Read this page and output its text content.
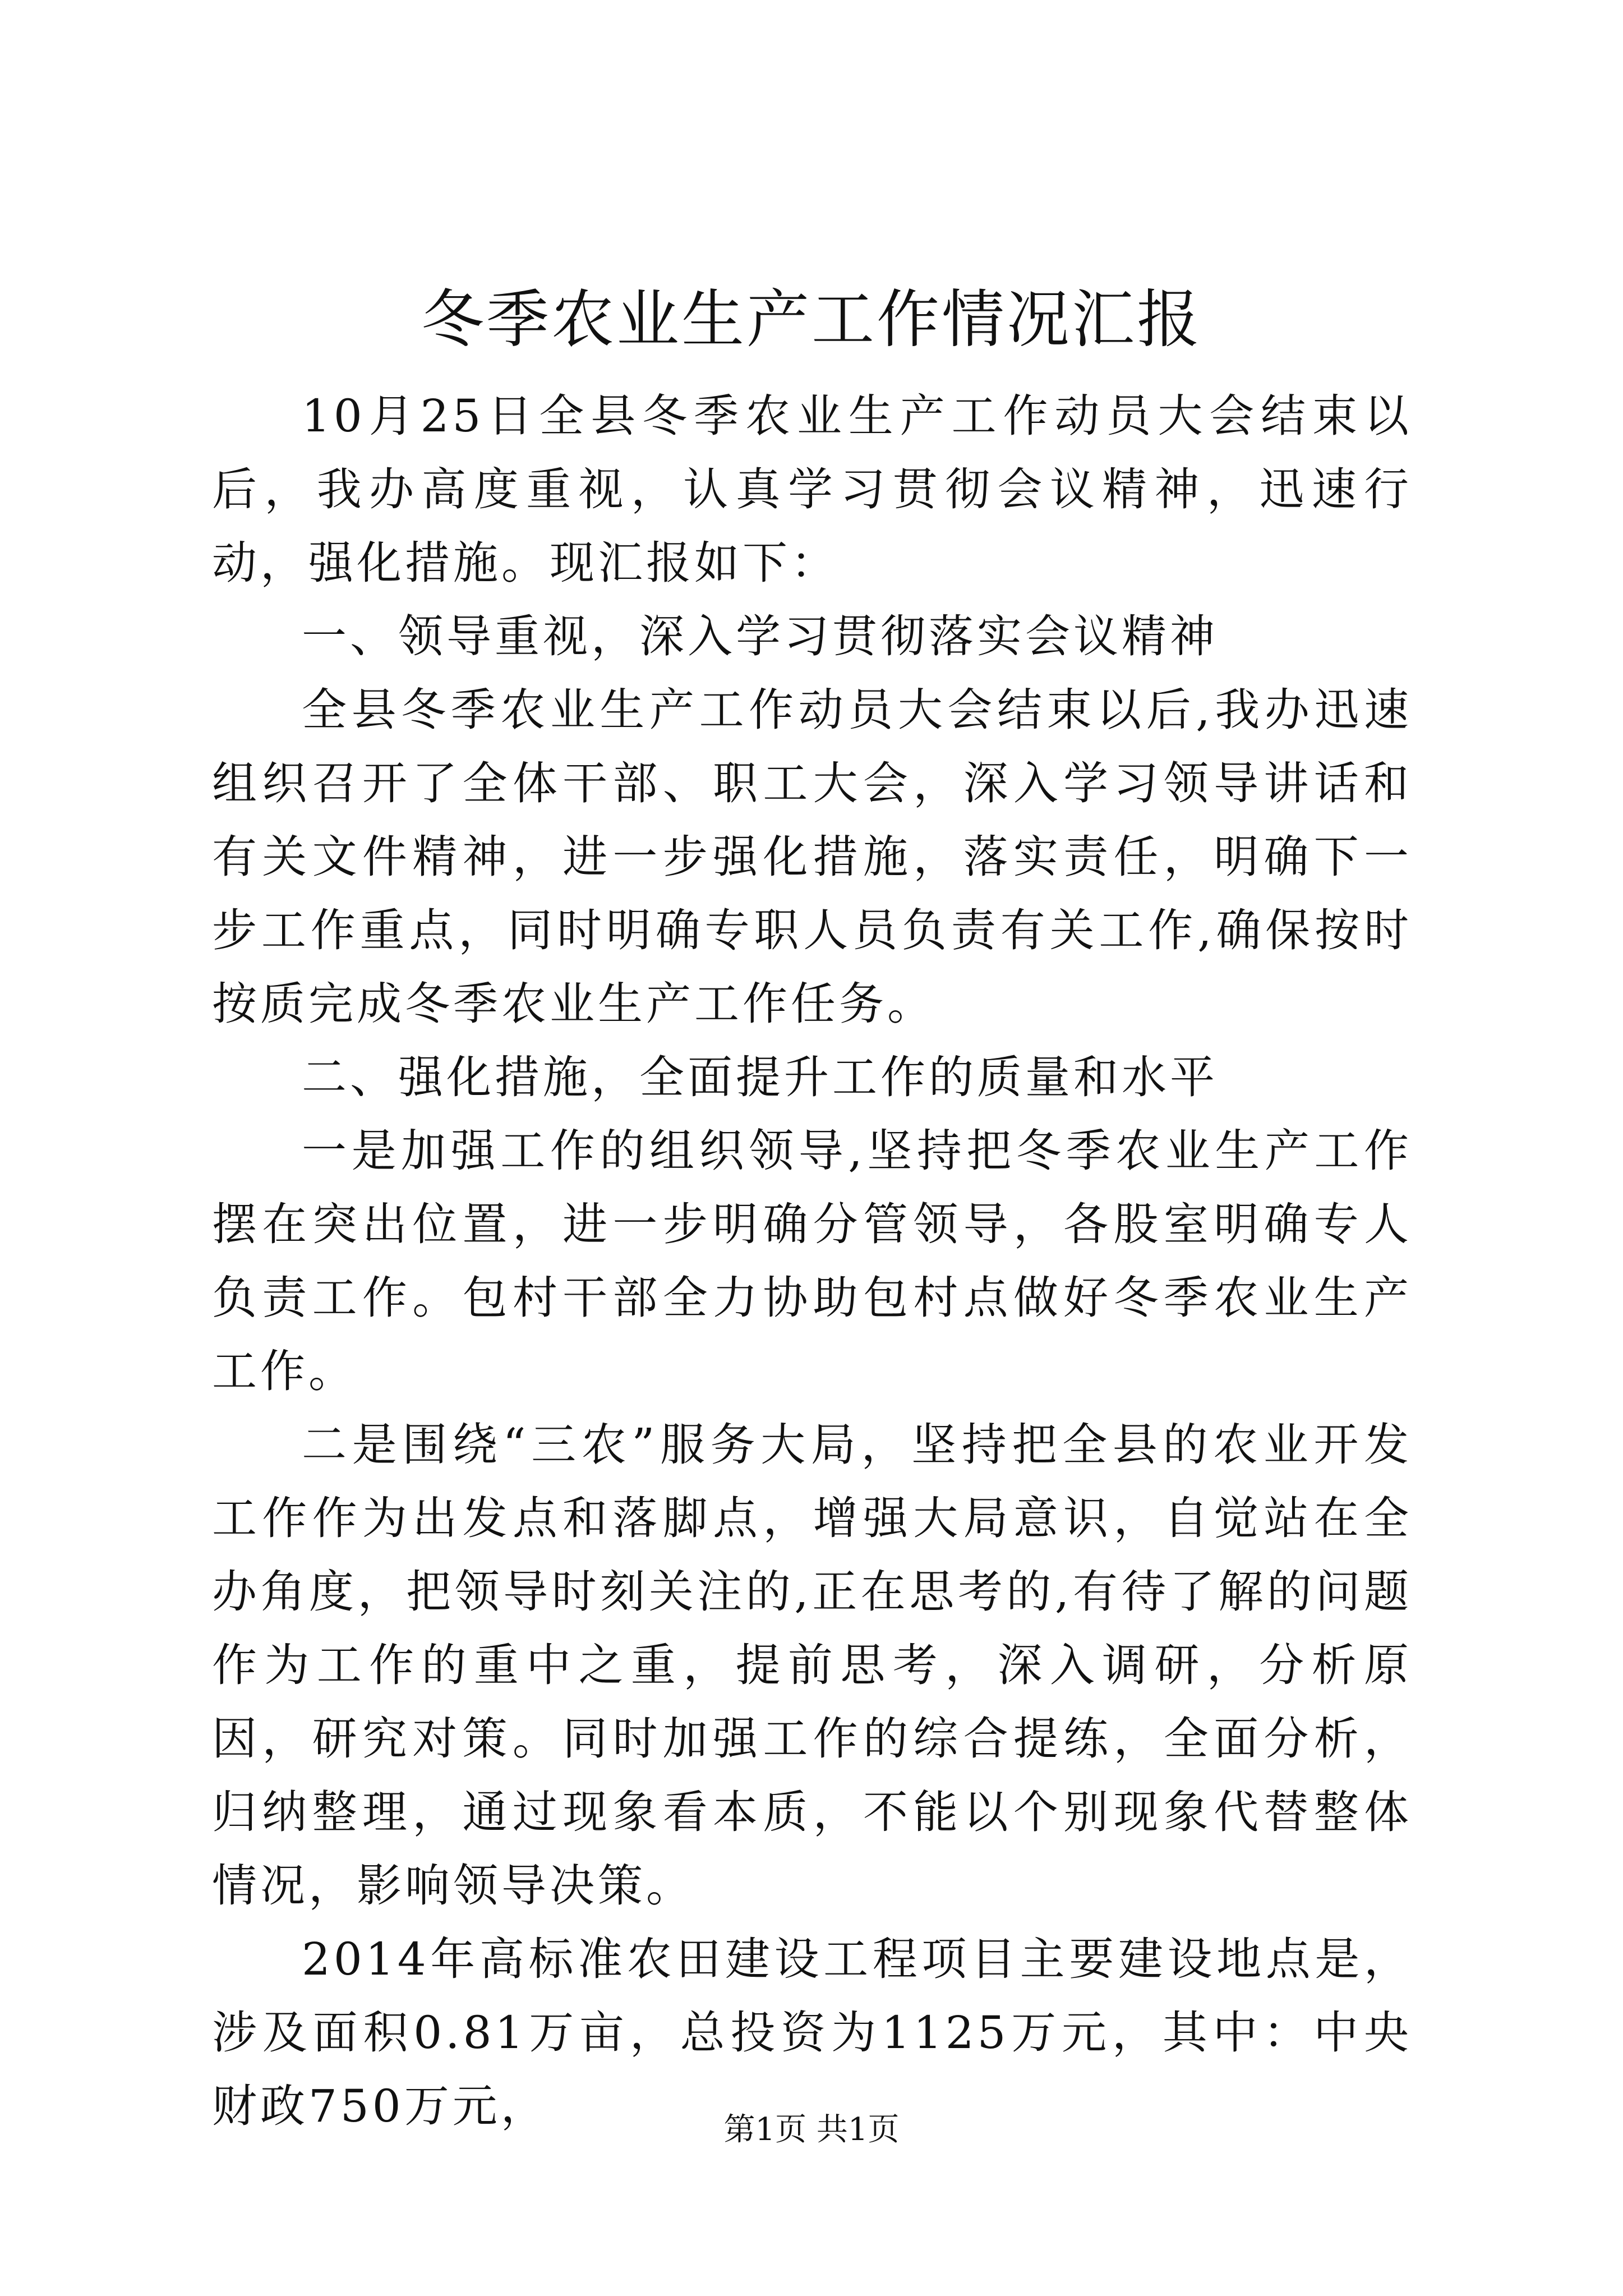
冬季农业生产工作情况汇报

10月25日全县冬季农业生产工作动员大会结束以后，我办高度重视，认真学习贯彻会议精神，迅速行动，强化措施。现汇报如下：

一、领导重视，深入学习贯彻落实会议精神

全县冬季农业生产工作动员大会结束以后,我办迅速组织召开了全体干部、职工大会，深入学习领导讲话和有关文件精神，进一步强化措施，落实责任，明确下一步工作重点，同时明确专职人员负责有关工作,确保按时按质完成冬季农业生产工作任务。

二、强化措施，全面提升工作的质量和水平

一是加强工作的组织领导,坚持把冬季农业生产工作摆在突出位置，进一步明确分管领导，各股室明确专人负责工作。包村干部全力协助包村点做好冬季农业生产工作。

二是围绕“三农”服务大局，坚持把全县的农业开发工作作为出发点和落脚点，增强大局意识，自觉站在全办角度，把领导时刻关注的,正在思考的,有待了解的问题作为工作的重中之重，提前思考，深入调研，分析原因，研究对策。同时加强工作的综合提练，全面分析，归纳整理，通过现象看本质，不能以个别现象代替整体情况，影响领导决策。

2014年高标准农田建设工程项目主要建设地点是，涉及面积0.81万亩，总投资为1125万元，其中：中央财政750万元，	第1页 共1页
